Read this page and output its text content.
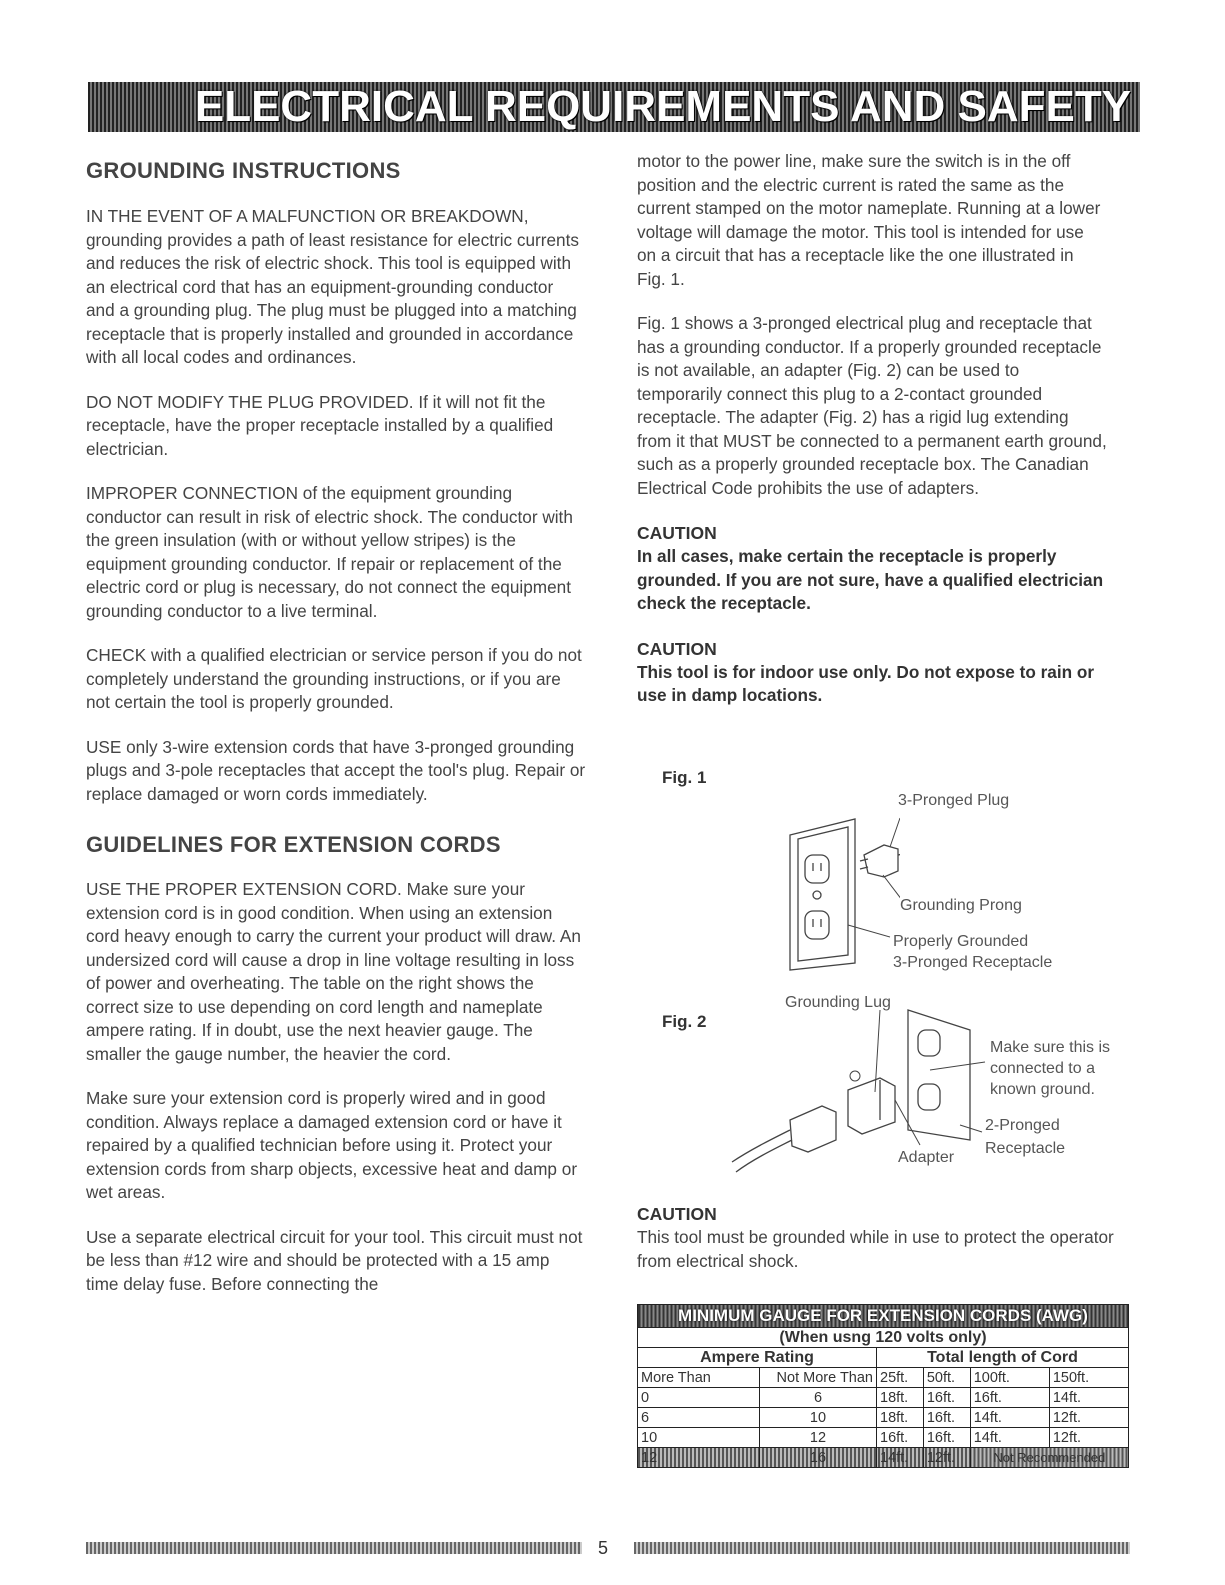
ELECTRICAL REQUIREMENTS AND SAFETY
GROUNDING INSTRUCTIONS

IN THE EVENT OF A MALFUNCTION OR BREAKDOWN, grounding provides a path of least resistance for electric currents and reduces the risk of electric shock. This tool is equipped with an electrical cord that has an equipment-grounding conductor and a grounding plug. The plug must be plugged into a matching receptacle that is properly installed and grounded in accordance with all local codes and ordinances.

DO NOT MODIFY THE PLUG PROVIDED. If it will not fit the receptacle, have the proper receptacle installed by a qualified electrician.

IMPROPER CONNECTION of the equipment grounding conductor can result in risk of electric shock. The conductor with the green insulation (with or without yellow stripes) is the equipment grounding conductor. If repair or replacement of the electric cord or plug is necessary, do not connect the equipment grounding conductor to a live terminal.

CHECK with a qualified electrician or service person if you do not completely understand the grounding instructions, or if you are not certain the tool is properly grounded.

USE only 3-wire extension cords that have 3-pronged grounding plugs and 3-pole receptacles that accept the tool's plug. Repair or replace damaged or worn cords immediately.

GUIDELINES FOR EXTENSION CORDS

USE THE PROPER EXTENSION CORD. Make sure your extension cord is in good condition. When using an extension cord heavy enough to carry the current your product will draw. An undersized cord will cause a drop in line voltage resulting in loss of power and overheating. The table on the right shows the correct size to use depending on cord length and nameplate ampere rating. If in doubt, use the next heavier gauge. The smaller the gauge number, the heavier the cord.

Make sure your extension cord is properly wired and in good condition. Always replace a damaged extension cord or have it repaired by a qualified technician before using it. Protect your extension cords from sharp objects, excessive heat and damp or wet areas.

Use a separate electrical circuit for your tool. This circuit must not be less than #12 wire and should be protected with a 15 amp time delay fuse. Before connecting the

motor to the power line, make sure the switch is in the off position and the electric current is rated the same as the current stamped on the motor nameplate. Running at a lower voltage will damage the motor. This tool is intended for use on a circuit that has a receptacle like the one illustrated in Fig. 1.

Fig. 1 shows a 3-pronged electrical plug and receptacle that has a grounding conductor. If a properly grounded receptacle is not available, an adapter (Fig. 2) can be used to temporarily connect this plug to a 2-contact grounded receptacle. The adapter (Fig. 2) has a rigid lug extending from it that MUST be connected to a permanent earth ground, such as a properly grounded receptacle box. The Canadian Electrical Code prohibits the use of adapters.

CAUTION

In all cases, make certain the receptacle is properly grounded. If you are not sure, have a qualified electrician check the receptacle.

CAUTION

This tool is for indoor use only. Do not expose to rain or use in damp locations.

Fig. 1
3-Pronged Plug
Grounding Prong
Properly Grounded
3-Pronged Receptacle
Fig. 2
Grounding Lug
Make sure this is
connected to a
known ground.
2-Pronged
Receptacle
Adapter

CAUTION

This tool must be grounded while in use to protect the operator from electrical shock.

MINIMUM GAUGE FOR EXTENSION CORDS (AWG)					
(When usng 120 volts only)					
Ampere Rating		Total length of Cord			
More Than	Not More Than	25ft.	50ft.	100ft.	150ft.
0	6	18ft.	16ft.	16ft.	14ft.
6	10	18ft.	16ft.	14ft.	12ft.
10	12	16ft.	16ft.	14ft.	12ft.
12	16	14ft.	12ft.	Not Recommended	
5
